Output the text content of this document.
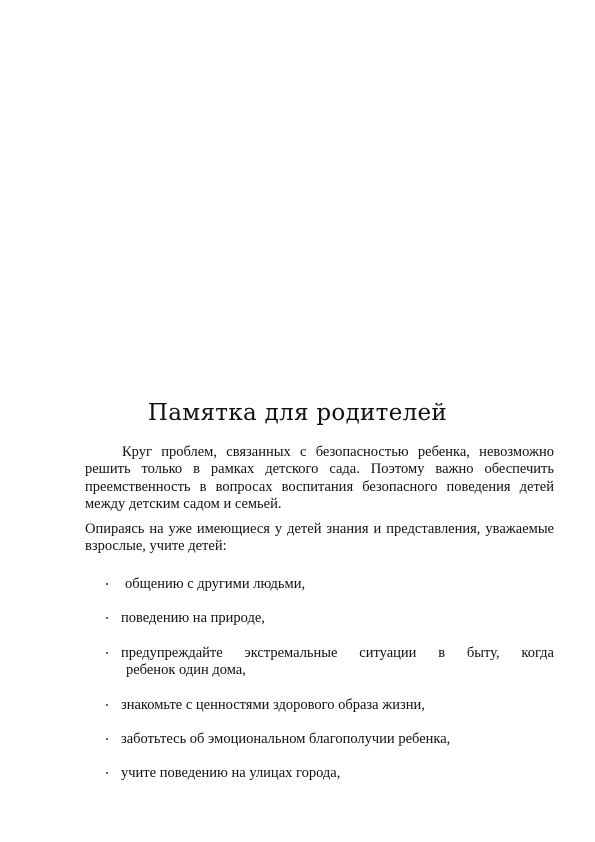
Памятка для родителей

Круг проблем, связанных с безопасностью ребенка, невозможно решить только в рамках детского сада. Поэтому важно обеспечить преемственность в вопросах воспитания безопасного поведения детей между детским садом и семьей.

Опираясь на уже имеющиеся у детей знания и представления, уважаемые взрослые, учите детей:

общению с другими людьми,
поведению на природе,
предупреждайте экстремальные ситуации в быту, когда
ребенок один дома,
знакомьте с ценностями здорового образа жизни,
заботьтесь об эмоциональном благополучии ребенка,
учите поведению на улицах города,
